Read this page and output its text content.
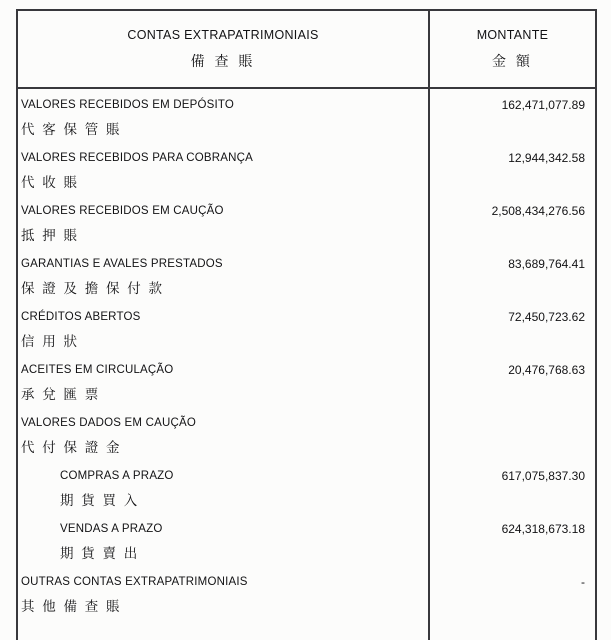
CONTAS EXTRAPATRIMONIAIS
備 查 賬

MONTANTE
金 額

VALORES RECEBIDOS EM DEPÓSITO
代 客 保 管 賬	162,471,077.89

VALORES RECEBIDOS PARA COBRANÇA
代 收 賬	12,944,342.58

VALORES RECEBIDOS EM CAUÇÃO
抵 押 賬	2,508,434,276.56

GARANTIAS E AVALES PRESTADOS
保 證 及 擔 保 付 款	83,689,764.41

CRÉDITOS ABERTOS
信 用 狀	72,450,723.62

ACEITES EM CIRCULAÇÃO
承 兌 匯 票	20,476,768.63

VALORES DADOS EM CAUÇÃO
代 付 保 證 金	

COMPRAS A PRAZO
期 貨 買 入	617,075,837.30

VENDAS A PRAZO
期 貨 賣 出	624,318,673.18

OUTRAS CONTAS EXTRAPATRIMONIAIS
其 他 備 查 賬	-
